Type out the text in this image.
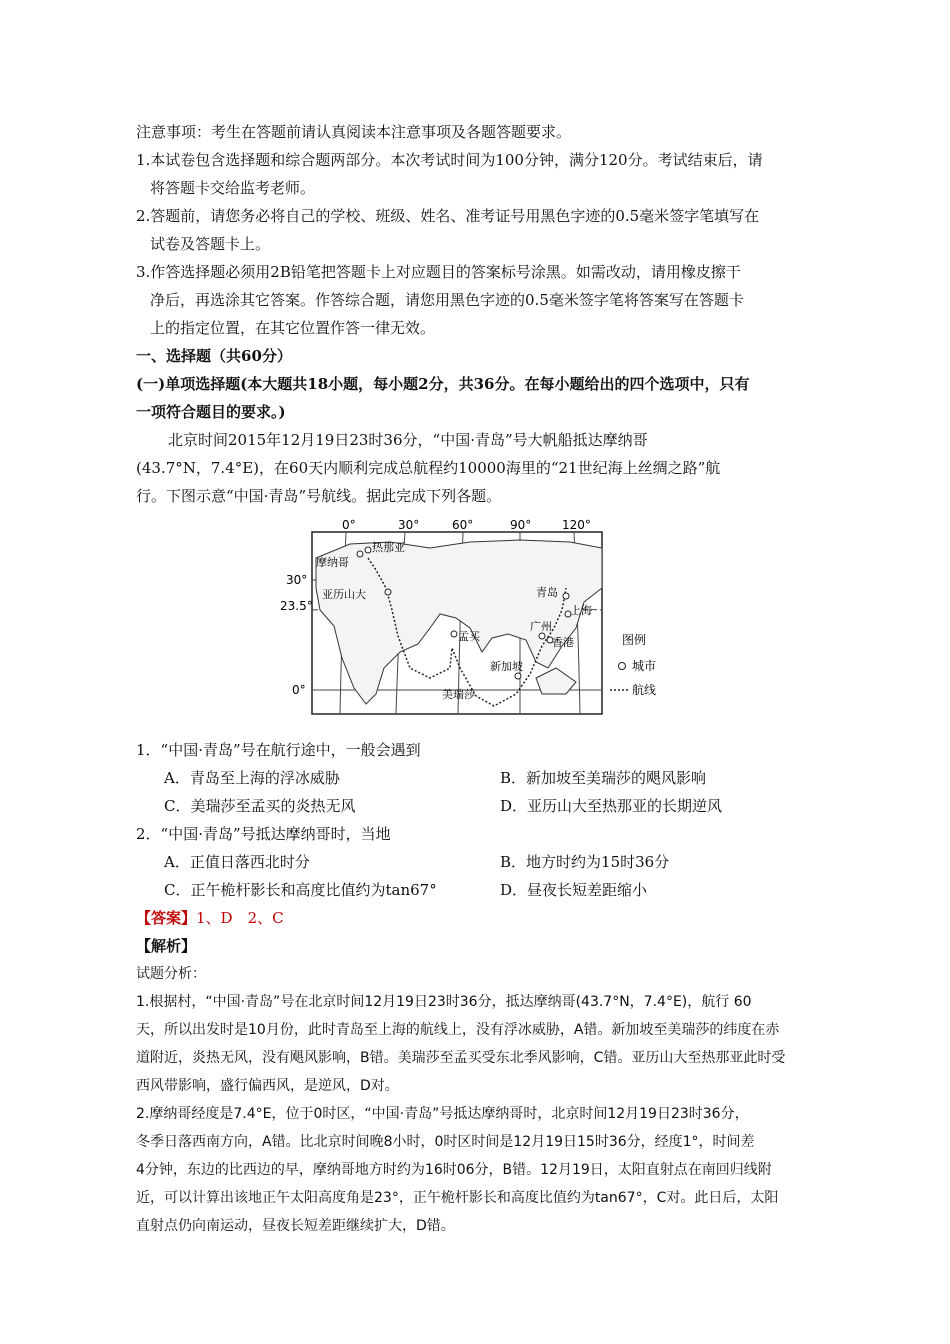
注意事项：考生在答题前请认真阅读本注意事项及各题答题要求。
1.本试卷包含选择题和综合题两部分。本次考试时间为100分钟，满分120分。考试结束后，请
将答题卡交给监考老师。
2.答题前，请您务必将自己的学校、班级、姓名、准考证号用黑色字迹的0.5毫米签字笔填写在
试卷及答题卡上。
3.作答选择题必须用2B铅笔把答题卡上对应题目的答案标号涂黑。如需改动，请用橡皮擦干
净后，再选涂其它答案。作答综合题，请您用黑色字迹的0.5毫米签字笔将答案写在答题卡
上的指定位置，在其它位置作答一律无效。
一、选择题（共60分）
(一)单项选择题(本大题共18小题，每小题2分，共36分。在每小题给出的四个选项中，只有
一项符合题目的要求。)
北京时间2015年12月19日23时36分，“中国·青岛”号大帆船抵达摩纳哥
(43.7°N，7.4°E)，在60天内顺利完成总航程约10000海里的“21世纪海上丝绸之路”航
行。下图示意“中国·青岛”号航线。据此完成下列各题。
1．“中国·青岛”号在航行途中，一般会遇到
A．青岛至上海的浮冰威胁	B．新加坡至美瑞莎的飓风影响
C．美瑞莎至孟买的炎热无风	D．亚历山大至热那亚的长期逆风
2．“中国·青岛”号抵达摩纳哥时，当地
A．正值日落西北时分	B．地方时约为15时36分
C．正午桅杆影长和高度比值约为tan67°	D．昼夜长短差距缩小
【答案】1、D　2、C
【解析】
试题分析：
1.根据村，“中国·青岛”号在北京时间12月19日23时36分，抵达摩纳哥(43.7°N，7.4°E)，航行 60
天，所以出发时是10月份，此时青岛至上海的航线上，没有浮冰威胁，A错。新加坡至美瑞莎的纬度在赤
道附近，炎热无风，没有飓风影响，B错。美瑞莎至孟买受东北季风影响，C错。亚历山大至热那亚此时受
西风带影响，盛行偏西风，是逆风，D对。
2.摩纳哥经度是7.4°E，位于0时区，“中国·青岛”号抵达摩纳哥时，北京时间12月19日23时36分，
冬季日落西南方向，A错。比北京时间晚8小时，0时区时间是12月19日15时36分，经度1°，时间差
4分钟，东边的比西边的早，摩纳哥地方时约为16时06分，B错。12月19日，太阳直射点在南回归线附
近，可以计算出该地正午太阳高度角是23°，正午桅杆影长和高度比值约为tan67°，C对。此日后，太阳
直射点仍向南运动，昼夜长短差距继续扩大，D错。
0°	30°	60°	90°	120°
30°
23.5°
0°
热那亚
摩纳哥
亚历山大
孟买
广州
香港
上海
青岛
新加坡
美瑞莎
图例
城市
航线
